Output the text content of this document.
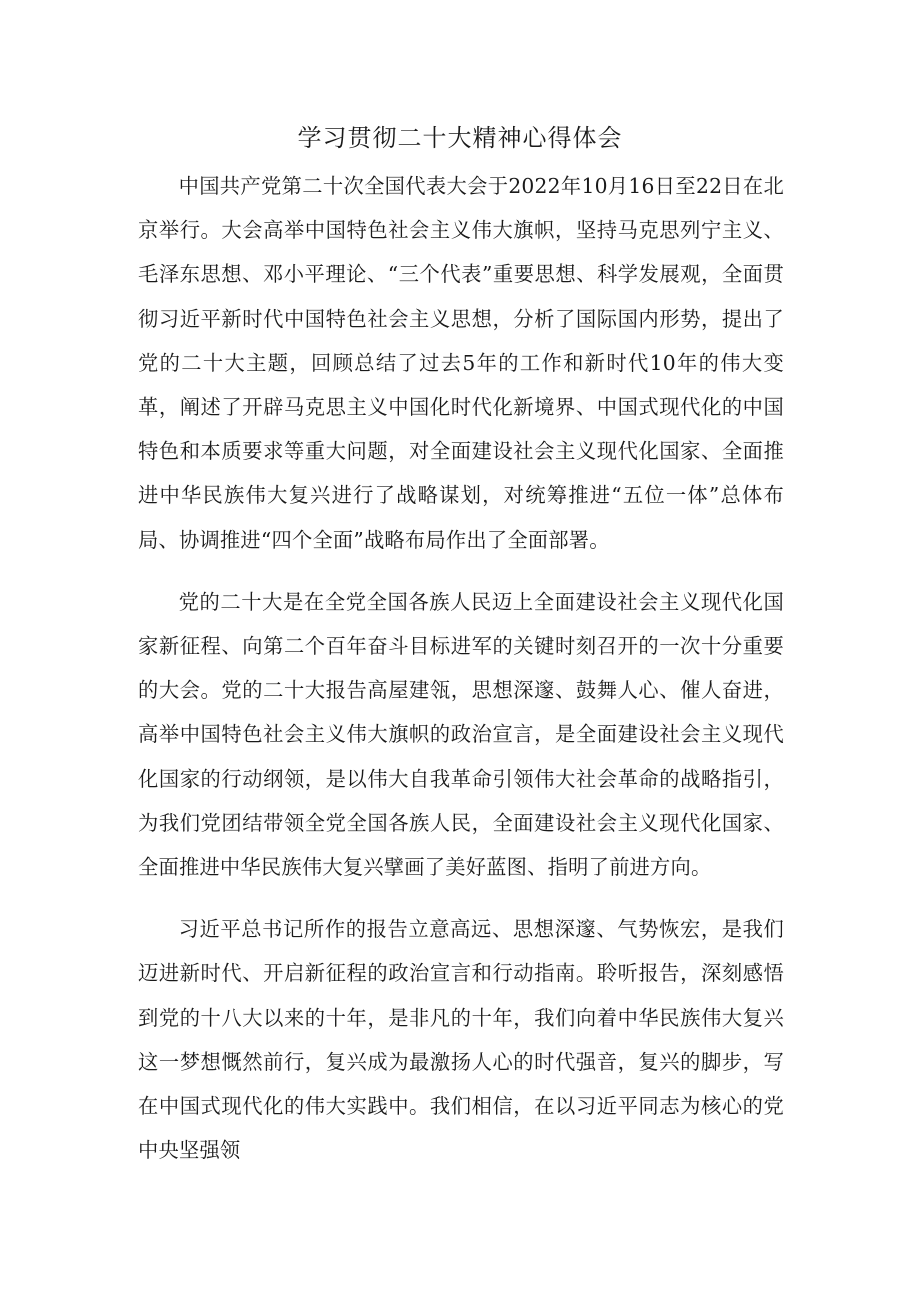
学习贯彻二十大精神心得体会

中国共产党第二十次全国代表大会于2022年10月16日至22日在北京举行。大会高举中国特色社会主义伟大旗帜，坚持马克思列宁主义、毛泽东思想、邓小平理论、“三个代表”重要思想、科学发展观，全面贯彻习近平新时代中国特色社会主义思想，分析了国际国内形势，提出了党的二十大主题，回顾总结了过去5年的工作和新时代10年的伟大变革，阐述了开辟马克思主义中国化时代化新境界、中国式现代化的中国特色和本质要求等重大问题，对全面建设社会主义现代化国家、全面推进中华民族伟大复兴进行了战略谋划，对统筹推进“五位一体”总体布局、协调推进“四个全面”战略布局作出了全面部署。

党的二十大是在全党全国各族人民迈上全面建设社会主义现代化国家新征程、向第二个百年奋斗目标进军的关键时刻召开的一次十分重要的大会。党的二十大报告高屋建瓴，思想深邃、鼓舞人心、催人奋进，高举中国特色社会主义伟大旗帜的政治宣言，是全面建设社会主义现代化国家的行动纲领，是以伟大自我革命引领伟大社会革命的战略指引，为我们党团结带领全党全国各族人民，全面建设社会主义现代化国家、全面推进中华民族伟大复兴擘画了美好蓝图、指明了前进方向。

习近平总书记所作的报告立意高远、思想深邃、气势恢宏，是我们迈进新时代、开启新征程的政治宣言和行动指南。聆听报告，深刻感悟到党的十八大以来的十年，是非凡的十年，我们向着中华民族伟大复兴这一梦想慨然前行，复兴成为最激扬人心的时代强音，复兴的脚步，写在中国式现代化的伟大实践中。我们相信，在以习近平同志为核心的党中央坚强领
